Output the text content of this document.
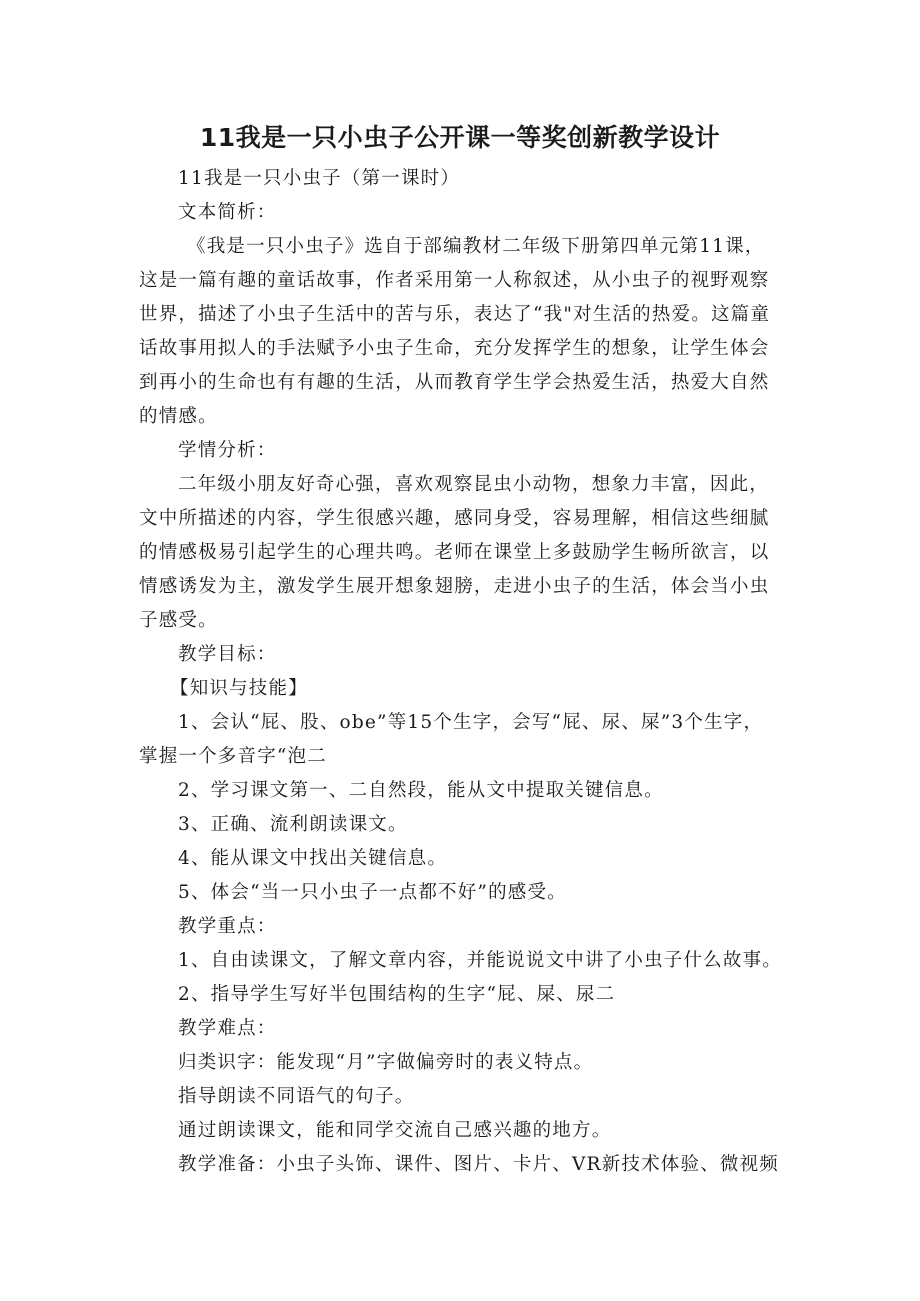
11我是一只小虫子公开课一等奖创新教学设计
11我是一只小虫子（第一课时）
文本简析：
《我是一只小虫子》选自于部编教材二年级下册第四单元第11课，
这是一篇有趣的童话故事，作者采用第一人称叙述，从小虫子的视野观察
世界，描述了小虫子生活中的苦与乐，表达了“我"对生活的热爱。这篇童
话故事用拟人的手法赋予小虫子生命，充分发挥学生的想象，让学生体会
到再小的生命也有有趣的生活，从而教育学生学会热爱生活，热爱大自然
的情感。
学情分析：
二年级小朋友好奇心强，喜欢观察昆虫小动物，想象力丰富，因此，
文中所描述的内容，学生很感兴趣，感同身受，容易理解，相信这些细腻
的情感极易引起学生的心理共鸣。老师在课堂上多鼓励学生畅所欲言，以
情感诱发为主，激发学生展开想象翅膀，走进小虫子的生活，体会当小虫
子感受。
教学目标：
【知识与技能】
1、会认“屁、股、obe”等15个生字，会写“屁、尿、屎”3个生字，
掌握一个多音字“泡二
2、学习课文第一、二自然段，能从文中提取关键信息。
3、正确、流利朗读课文。
4、能从课文中找出关键信息。
5、体会“当一只小虫子一点都不好”的感受。
教学重点：
1、自由读课文，了解文章内容，并能说说文中讲了小虫子什么故事。
2、指导学生写好半包围结构的生字“屁、屎、尿二
教学难点：
归类识字：能发现“月”字做偏旁时的表义特点。
指导朗读不同语气的句子。
通过朗读课文，能和同学交流自己感兴趣的地方。
教学准备：小虫子头饰、课件、图片、卡片、VR新技术体验、微视频
